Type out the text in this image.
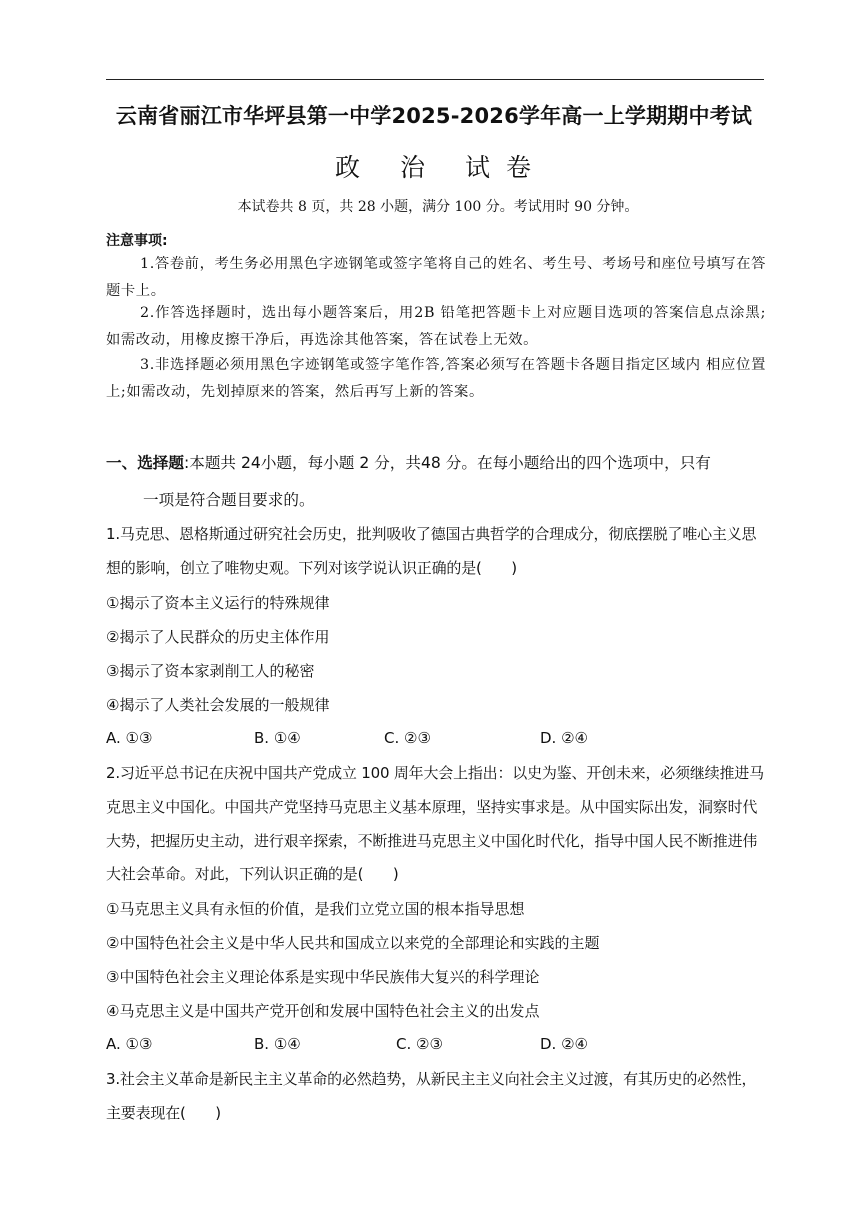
云南省丽江市华坪县第一中学2025-2026学年高一上学期期中考试
政 治 试卷
本试卷共 8 页，共 28 小题，满分 100 分。考试用时 90 分钟。
注意事项:
1.答卷前，考生务必用黑色字迹钢笔或签字笔将自己的姓名、考生号、考场号和座位号填写在答题卡上。
2.作答选择题时，选出每小题答案后，用2B 铅笔把答题卡上对应题目选项的答案信息点涂黑;如需改动，用橡皮擦干净后，再选涂其他答案，答在试卷上无效。
3.非选择题必须用黑色字迹钢笔或签字笔作答,答案必须写在答题卡各题目指定区域内 相应位置上;如需改动，先划掉原来的答案，然后再写上新的答案。
一、选择题:本题共 24小题，每小题 2 分，共48 分。在每小题给出的四个选项中，只有
一项是符合题目要求的。
1.马克思、恩格斯通过研究社会历史，批判吸收了德国古典哲学的合理成分，彻底摆脱了唯心主义思想的影响，创立了唯物史观。下列对该学说认识正确的是(　　)
①揭示了资本主义运行的特殊规律
②揭示了人民群众的历史主体作用
③揭示了资本家剥削工人的秘密
④揭示了人类社会发展的一般规律
A. ①③	B. ①④	C. ②③	D. ②④
2.习近平总书记在庆祝中国共产党成立 100 周年大会上指出：以史为鉴、开创未来，必须继续推进马克思主义中国化。中国共产党坚持马克思主义基本原理，坚持实事求是。从中国实际出发，洞察时代大势，把握历史主动，进行艰辛探索，不断推进马克思主义中国化时代化，指导中国人民不断推进伟大社会革命。对此，下列认识正确的是(　　)
①马克思主义具有永恒的价值，是我们立党立国的根本指导思想
②中国特色社会主义是中华人民共和国成立以来党的全部理论和实践的主题
③中国特色社会主义理论体系是实现中华民族伟大复兴的科学理论
④马克思主义是中国共产党开创和发展中国特色社会主义的出发点
A. ①③	B. ①④	C. ②③	D. ②④
3.社会主义革命是新民主主义革命的必然趋势，从新民主主义向社会主义过渡，有其历史的必然性，主要表现在(　　)
